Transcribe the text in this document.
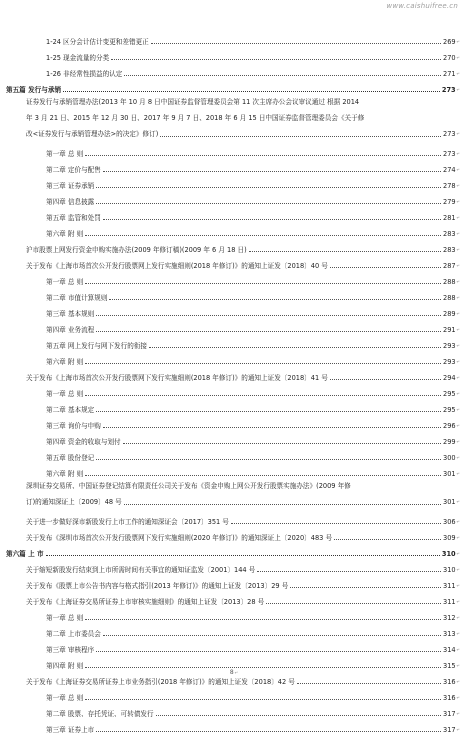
www.caishuifree.cn
1-24 区分会计估计变更和差错更正	269 ↵
1-25 现金流量的分类	270 ↵
1-26 非经常性损益的认定	271 ↵
第五篇 发行与承销	273 ↵
证券发行与承销管理办法(2013 年 10 月 8 日中国证券监督管理委员会第 11 次主席办公会议审议通过 根据 2014
年 3 月 21 日、2015 年 12 月 30 日、2017 年 9 月 7 日、2018 年 6 月 15 日中国证券监督管理委员会《关于修
改<证券发行与承销管理办法>的决定》修订)	273 ↵
第一章 总 则	273 ↵
第二章 定价与配售	274 ↵
第三章 证券承销	278 ↵
第四章 信息披露	279 ↵
第五章 监管和处罚	281 ↵
第六章 附 则	283 ↵
沪市股票上网发行资金申购实施办法(2009 年修订稿)(2009 年 6 月 18 日)	283 ↵
关于发布《上海市场首次公开发行股票网上发行实施细则(2018 年修订)》的通知上证发〔2018〕40 号	287 ↵
第一章 总 则	288 ↵
第二章 市值计算规则	288 ↵
第三章 基本规则	289 ↵
第四章 业务流程	291 ↵
第五章 网上发行与网下发行的衔接	293 ↵
第六章 附 则	293 ↵
关于发布《上海市场首次公开发行股票网下发行实施细则(2018 年修订)》的通知上证发〔2018〕41 号	294 ↵
第一章 总 则	295 ↵
第二章 基本规定	295 ↵
第三章 询价与申购	296 ↵
第四章 资金的收取与划付	299 ↵
第五章 股份登记	300 ↵
第六章 附 则	301 ↵
深圳证券交易所、中国证券登记结算有限责任公司关于发布《资金申购上网公开发行股票实施办法》(2009 年修
订)的通知深证上〔2009〕48 号	301 ↵
关于进一步做好深市新股发行上市工作的通知深证会〔2017〕351 号	306 ↵
关于发布《深圳市场首次公开发行股票网下发行实施细则(2020 年修订)》的通知深证上〔2020〕483 号	309 ↵
第六篇 上 市	310 ↵
关于缩短新股发行结束到上市所需时间有关事宜的通知证监发〔2001〕144 号	310 ↵
关于发布《股票上市公告书内容与格式指引(2013 年修订)》的通知上证发〔2013〕29 号	311 ↵
关于发布《上海证券交易所证券上市审核实施细则》的通知上证发〔2013〕28 号	311 ↵
第一章 总 则	312 ↵
第二章 上市委员会	313 ↵
第三章 审核程序	314 ↵
第四章 附 则	315 ↵
关于发布《上海证券交易所证券上市业务指引(2018 年修订)》的通知上证发〔2018〕42 号	316 ↵
第一章 总 则	316 ↵
第二章 股票、存托凭证、可转债发行	317 ↵
第三章 证券上市	317 ↵
8↵
